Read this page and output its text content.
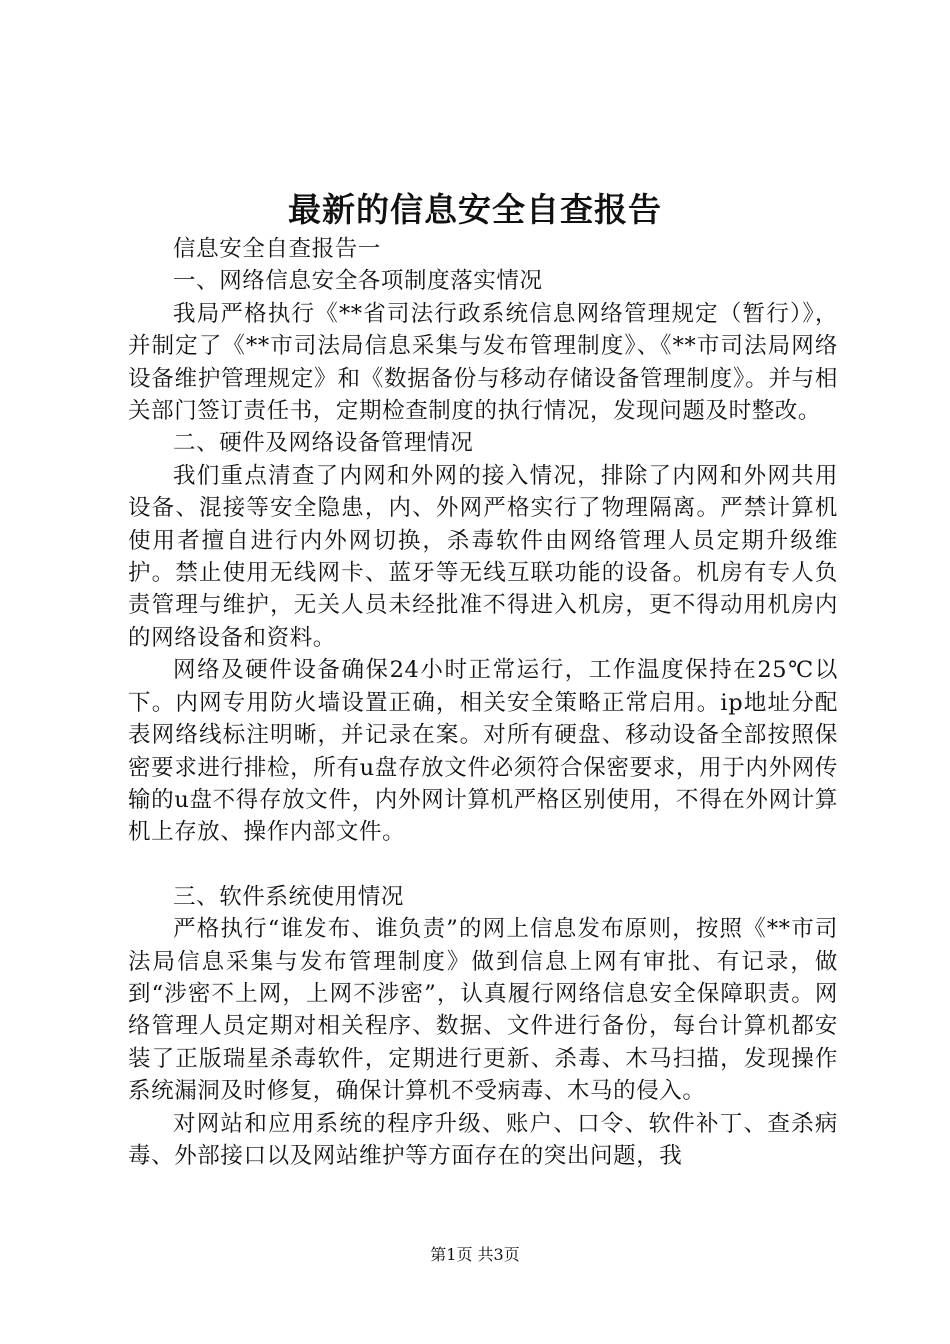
最新的信息安全自查报告

信息安全自查报告一

一、网络信息安全各项制度落实情况

我局严格执行《**省司法行政系统信息网络管理规定（暂行）》，并制定了《**市司法局信息采集与发布管理制度》、《**市司法局网络设备维护管理规定》和《数据备份与移动存储设备管理制度》。并与相关部门签订责任书，定期检查制度的执行情况，发现问题及时整改。

二、硬件及网络设备管理情况

我们重点清查了内网和外网的接入情况，排除了内网和外网共用设备、混接等安全隐患，内、外网严格实行了物理隔离。严禁计算机使用者擅自进行内外网切换，杀毒软件由网络管理人员定期升级维护。禁止使用无线网卡、蓝牙等无线互联功能的设备。机房有专人负责管理与维护，无关人员未经批准不得进入机房，更不得动用机房内的网络设备和资料。

网络及硬件设备确保24小时正常运行，工作温度保持在25℃以下。内网专用防火墙设置正确，相关安全策略正常启用。ip地址分配表网络线标注明晰，并记录在案。对所有硬盘、移动设备全部按照保密要求进行排检，所有u盘存放文件必须符合保密要求，用于内外网传输的u盘不得存放文件，内外网计算机严格区别使用，不得在外网计算机上存放、操作内部文件。

三、软件系统使用情况

严格执行“谁发布、谁负责”的网上信息发布原则，按照《**市司法局信息采集与发布管理制度》做到信息上网有审批、有记录，做到“涉密不上网，上网不涉密”，认真履行网络信息安全保障职责。网络管理人员定期对相关程序、数据、文件进行备份，每台计算机都安装了正版瑞星杀毒软件，定期进行更新、杀毒、木马扫描，发现操作系统漏洞及时修复，确保计算机不受病毒、木马的侵入。

对网站和应用系统的程序升级、账户、口令、软件补丁、查杀病毒、外部接口以及网站维护等方面存在的突出问题，我

第1页 共3页
